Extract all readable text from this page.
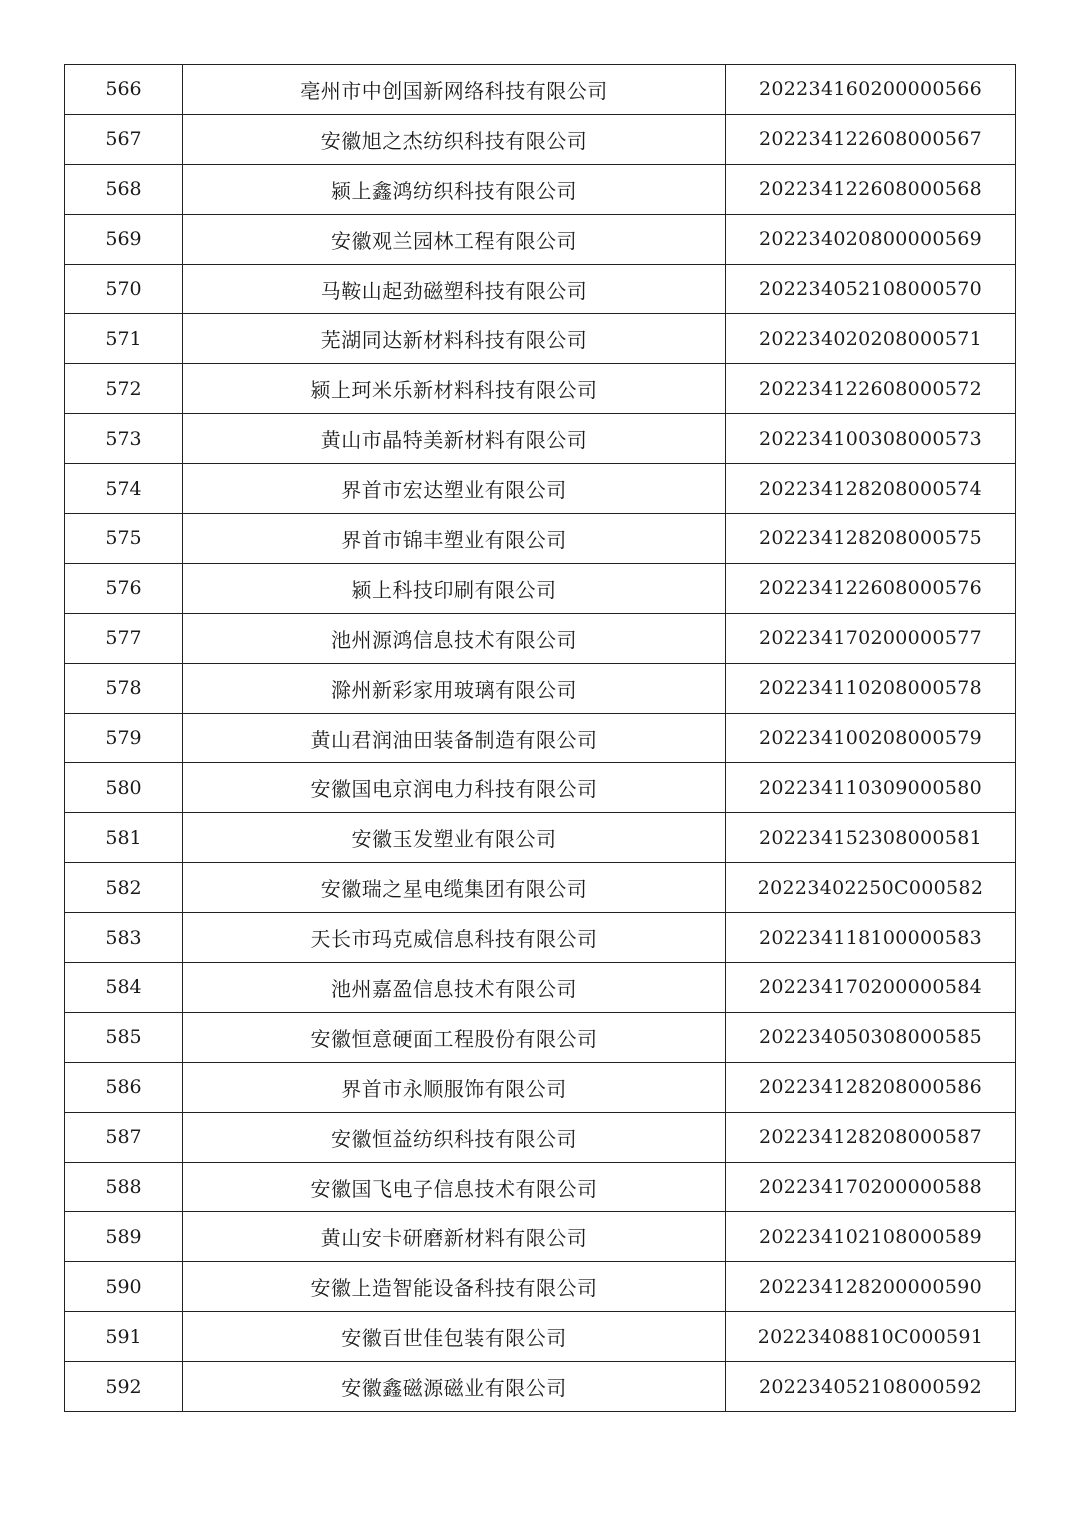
566	亳州市中创国新网络科技有限公司	202234160200000566
567	安徽旭之杰纺织科技有限公司	202234122608000567
568	颍上鑫鸿纺织科技有限公司	202234122608000568
569	安徽观兰园林工程有限公司	202234020800000569
570	马鞍山起劲磁塑科技有限公司	202234052108000570
571	芜湖同达新材料科技有限公司	202234020208000571
572	颍上珂米乐新材料科技有限公司	202234122608000572
573	黄山市晶特美新材料有限公司	202234100308000573
574	界首市宏达塑业有限公司	202234128208000574
575	界首市锦丰塑业有限公司	202234128208000575
576	颍上科技印刷有限公司	202234122608000576
577	池州源鸿信息技术有限公司	202234170200000577
578	滁州新彩家用玻璃有限公司	202234110208000578
579	黄山君润油田装备制造有限公司	202234100208000579
580	安徽国电京润电力科技有限公司	202234110309000580
581	安徽玉发塑业有限公司	202234152308000581
582	安徽瑞之星电缆集团有限公司	20223402250C000582
583	天长市玛克威信息科技有限公司	202234118100000583
584	池州嘉盈信息技术有限公司	202234170200000584
585	安徽恒意硬面工程股份有限公司	202234050308000585
586	界首市永顺服饰有限公司	202234128208000586
587	安徽恒益纺织科技有限公司	202234128208000587
588	安徽国飞电子信息技术有限公司	202234170200000588
589	黄山安卡研磨新材料有限公司	202234102108000589
590	安徽上造智能设备科技有限公司	202234128200000590
591	安徽百世佳包装有限公司	20223408810C000591
592	安徽鑫磁源磁业有限公司	202234052108000592
